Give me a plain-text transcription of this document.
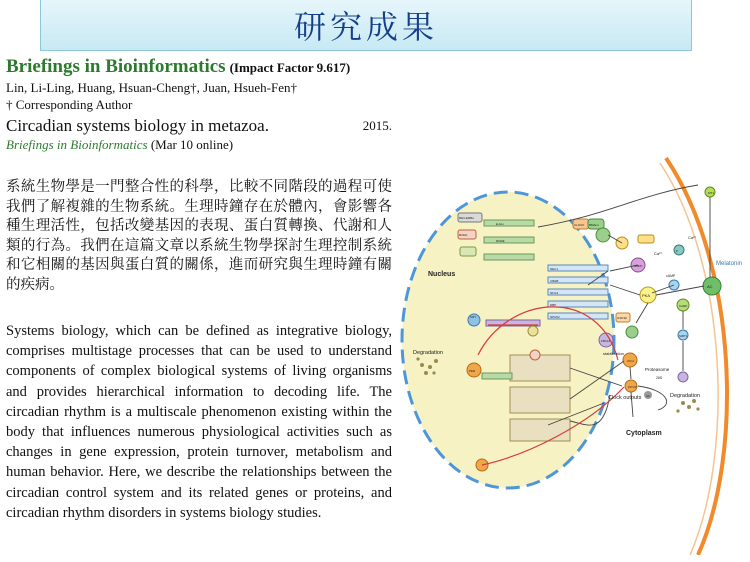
研究成果
Briefings in Bioinformatics (Impact Factor 9.617)
Lin, Li-Ling, Huang, Hsuan-Cheng†, Juan, Hsueh-Fen†
† Corresponding Author
Circadian systems biology in metazoa.	2015.
Briefings in Bioinformatics (Mar 10 online)
系統生物學是一門整合性的科學，比較不同階段的過程可使我們了解複雜的生物系統。生理時鐘存在於體內，會影響各種生理活性，包括改變基因的表現、蛋白質轉換、代謝和人類的行為。我們在這篇文章以系統生物學探討生理控制系統和它相關的基因與蛋白質的關係，進而研究與生理時鐘有關的疾病。
Systems biology, which can be defined as integrative biology, comprises multistage processes that can be used to understand components of complex biological systems of living organisms and provides hierarchical information to decoding life. The circadian rhythm is a multiscale phenomenon existing within the body that influences numerous physiological activities such as changes in gene expression, protein turnover, metabolism and human behavior. Here, we describe the relationships between the circadian control system and its related genes or proteins, and circadian rhythm disorders in systems biology studies.
Nucleus
Cytoplasm
Degradation
Degradation
Clock outputs
Melatonin
Proteasome
stabilization
PKA
AC
Ca²⁺
Ca²⁺
cAMP
CRY
PER
CLOCK BMAL1
REV-ERBα
RORα
E-box
RORE
CK1ε
GSK3β
FBXL3
βTrCP
DEC1
CREB
NFIL3
DBP
NPAS2
MT1
P
Ub
26S
AMPK
CaMK
SIRT1
